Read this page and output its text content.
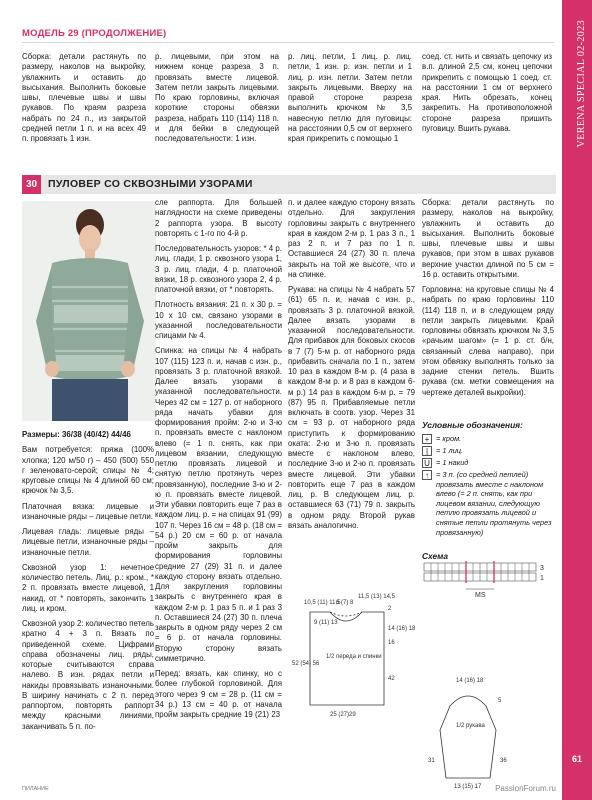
VERENA SPECIAL 02-2023
61
МОДЕЛЬ 29 (ПРОДОЛЖЕНИЕ)
Сборка: детали растянуть по размеру, наколов на выкройку, увлажнить и оставить до высыхания. Выполнить боковые швы, плечевые швы и швы рукавов. По краям разреза набрать по 24 п., из закрытой средней петли 1 п. и на всех 49 п. провязать 1 изн.
р. лицевыми, при этом на нижнем конце разреза 3 п. провязать вместе лицевой. Затем петли закрыть лицевыми. По краю горловины, включая короткие стороны обвязки разреза, набрать 110 (114) 118 п. и для бейки в следующей последовательности: 1 изн.
р. лиц. петли, 1 лиц. р. лиц. петли, 1 изн. р. изн. петли и 1 лиц. р. изн. петли. Затем петли закрыть лицевыми. Вверху на правой стороне разреза выполнить крючком № 3,5 навесную петлю для пуговицы: на расстоянии 0,5 см от верхнего края прикрепить с помощью 1
соед. ст. нить и связать цепочку из в.п. длиной 2,5 см, конец цепочки прикрепить с помощью 1 соед. ст. на расстоянии 1 см от верхнего края. Нить обрезать, конец закрепить. На противоположной стороне разреза пришить пуговицу. Вшить рукава.
30	ПУЛОВЕР СО СКВОЗНЫМИ УЗОРАМИ
Размеры: 36/38 (40/42) 44/46
Вам потребуется: пряжа (100% хлопка; 120 м/50 г) – 450 (500) 550 г зеленовато-серой; спицы № 4; круговые спицы № 4 длиной 60 см; крючок № 3,5.
Платочная вязка: лицевые и изнаночные ряды – лицевые петли.
Лицевая гладь: лицевые ряды – лицевые петли, изнаночные ряды – изнаночные петли.
Сквозной узор 1: нечетное количество петель. Лиц. р.: кром., * 2 п. провязать вместе лицевой, 1 накид, от * повторять, закончить 1 лиц. и кром.
Сквозной узор 2: количество петель кратно 4 + 3 п. Вязать по приведенной схеме. Цифрами справа обозначены лиц. ряды, которые считываются справа налево. В изн. рядах петли и накиды провязывать изнаночными. В ширину начинать с 2 п. перед раппортом, повторять раппорт между красными линиями, заканчивать 5 п. по-
сле раппорта. Для большей наглядности на схеме приведены 2 раппорта узора. В высоту повторять с 1-го по 4-й р.
Последовательность узоров: * 4 р. лиц. глади, 1 р. сквозного узора 1, 3 р. лиц. глади, 4 р. платочной вязки, 18 р. сквозного узора 2, 4 р. платочной вязки, от * повторять.
Плотность вязания: 21 п. x 30 р. = 10 x 10 см, связано узорами в указанной последовательности спицами № 4.
Спинка: на спицы № 4 набрать 107 (115) 123 п. и, начав с изн. р., провязать 3 р. платочной вязкой. Далее вязать узорами в указанной последовательности. Через 42 см = 127 р. от наборного ряда начать убавки для формирования пройм: 2-ю и 3-ю п. провязать вместе с наклоном влево (= 1 п. снять, как при лицевом вязании, следующую петлю провязать лицевой и снятую петлю протянуть через провязанную), последние 3-ю и 2-ю п. провязать вместе лицевой. Эти убавки повторить еще 7 раз в каждом лиц. р. = на спицах 91 (99) 107 п. Через 16 см = 48 р. (18 см = 54 р.) 20 см = 60 р. от начала пройм закрыть для формирования горловины средние 27 (29) 31 п. и далее каждую сторону вязать отдельно. Для закругления горловины закрыть с внутреннего края в каждом 2-м р. 1 раз 5 п. и 1 раз 3 п. Оставшиеся 24 (27) 30 п. плеча закрыть в одном ряду через 2 см = 6 р. от начала горловины. Вторую сторону вязать симметрично.
Перед: вязать, как спинку, но с более глубокой горловиной. Для этого через 9 см = 28 р. (11 см = 34 р.) 13 см = 40 р. от начала пройм закрыть средние 19 (21) 23
п. и далее каждую сторону вязать отдельно. Для закругления горловины закрыть с внутреннего края в каждом 2-м р. 1 раз 3 п., 1 раз 2 п. и 7 раз по 1 п. Оставшиеся 24 (27) 30 п. плеча закрыть на той же высоте, что и на спинке.
Рукава: на спицы № 4 набрать 57 (61) 65 п. и, начав с изн. р., провязать 3 р. платочной вязкой. Далее вязать узорами в указанной последовательности. Для прибавок для боковых скосов в 7 (7) 5-м р. от наборного ряда прибавить сначала по 1 п., затем 10 раз в каждом 8-м р. (4 раза в каждом 8-м р. и 8 раз в каждом 6-м р.) 14 раз в каждом 6-м р. = 79 (87) 95 п. Прибавляемые петли включать в соотв. узор. Через 31 см = 93 р. от наборного ряда приступить к формированию оката: 2-ю и 3-ю п. провязать вместе с наклоном влево, последние 3-ю и 2-ю п. провязать вместе лицевой. Эти убавки повторить еще 7 раз в каждом лиц. р. В следующем лиц. р. оставшиеся 63 (71) 79 п. закрыть в одном ряду. Второй рукав вязать аналогично.
Сборка: детали растянуть по размеру, наколов на выкройку, увлажнить и оставить до высыхания. Выполнить боковые швы, плечевые швы и швы рукавов, при этом в швах рукавов верхние участки длиной по 5 см = 16 р. оставить открытыми.
Горловина: на круговые спицы № 4 набрать по краю горловины 110 (114) 118 п. и в следующем ряду петли закрыть лицевыми. Край горловины обвязать крючком № 3,5 «рачьим шагом» (= 1 р. ст. б/н, связанный слева направо), при этом обвязку выполнять только за задние стенки петель. Вшить рукава (см. метки совмещения на чертеже деталей выкройки).
Условные обозначения:
+ = кром.
|	= 1 лиц.
U = 1 накид
↑ = 3 п. (со средней петлей) провязать вместе с наклоном влево (= 2 п. снять, как при лицевом вязании, следующую петлю провязать лицевой и снятые петли протянуть через провязанную)
Схема
3
1
MS
10,5 (11) 11,5
6 (7) 8
11,5 (13) 14,5
14 (16) 18
16
42
52 (54) 56
1/2 переда и спинки
25 (27)29
2
9 (11) 13
14 (16) 18
5
31	36
1/2 рукава
13 (15) 17
ПИЛАНИЕ	PassionForum.ru
